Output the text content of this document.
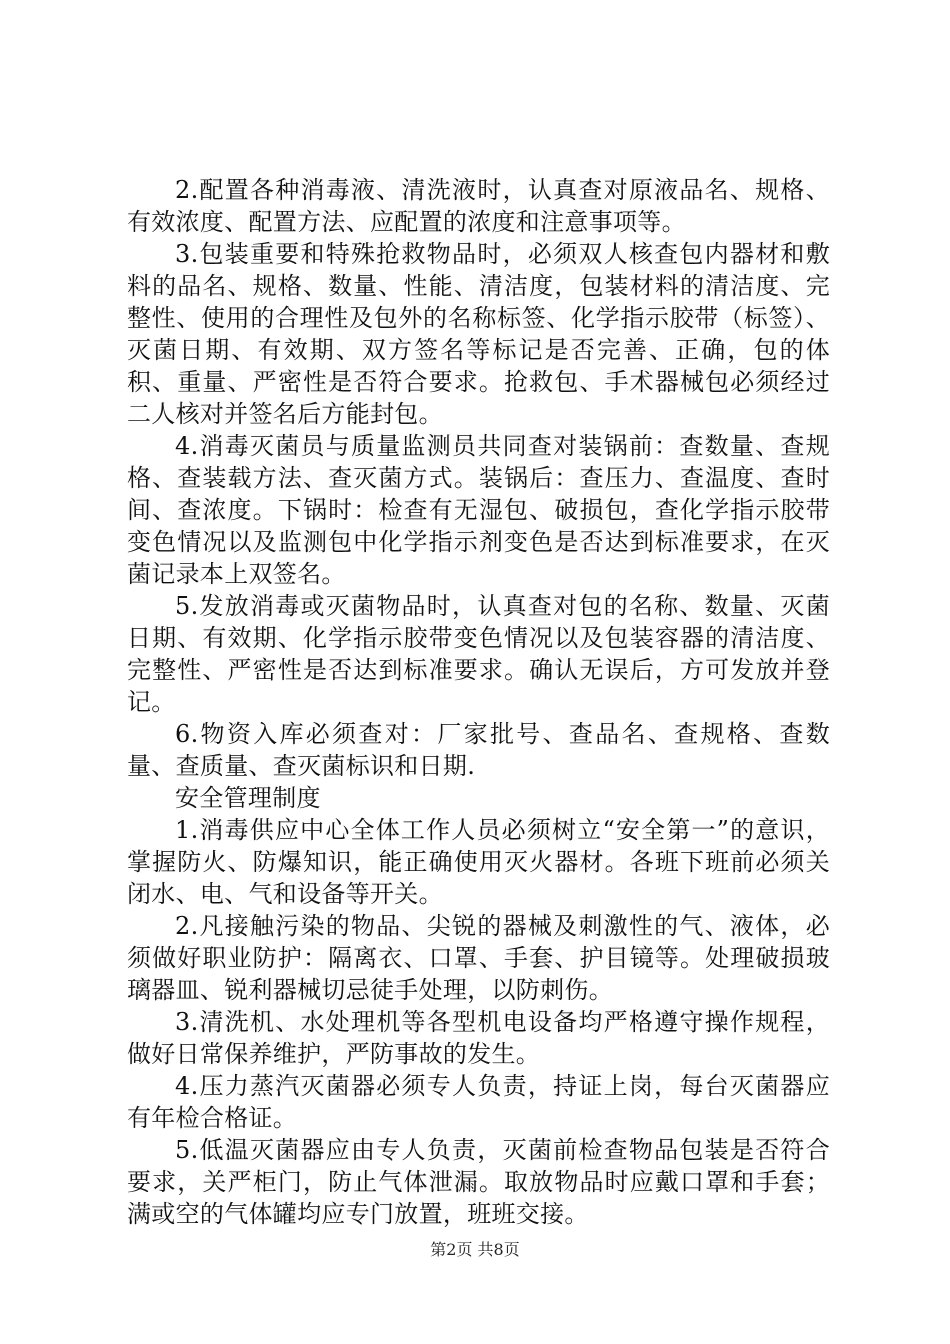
2.配置各种消毒液、清洗液时，认真查对原液品名、规格、有效浓度、配置方法、应配置的浓度和注意事项等。

3.包装重要和特殊抢救物品时，必须双人核查包内器材和敷料的品名、规格、数量、性能、清洁度，包装材料的清洁度、完整性、使用的合理性及包外的名称标签、化学指示胶带（标签）、灭菌日期、有效期、双方签名等标记是否完善、正确，包的体积、重量、严密性是否符合要求。抢救包、手术器械包必须经过二人核对并签名后方能封包。

4.消毒灭菌员与质量监测员共同查对装锅前：查数量、查规格、查装载方法、查灭菌方式。装锅后：查压力、查温度、查时间、查浓度。下锅时：检查有无湿包、破损包，查化学指示胶带变色情况以及监测包中化学指示剂变色是否达到标准要求，在灭菌记录本上双签名。

5.发放消毒或灭菌物品时，认真查对包的名称、数量、灭菌日期、有效期、化学指示胶带变色情况以及包装容器的清洁度、完整性、严密性是否达到标准要求。确认无误后，方可发放并登记。

6.物资入库必须查对：厂家批号、查品名、查规格、查数量、查质量、查灭菌标识和日期.

安全管理制度

1.消毒供应中心全体工作人员必须树立“安全第一”的意识，掌握防火、防爆知识，能正确使用灭火器材。各班下班前必须关闭水、电、气和设备等开关。

2.凡接触污染的物品、尖锐的器械及刺激性的气、液体，必须做好职业防护：隔离衣、口罩、手套、护目镜等。处理破损玻璃器皿、锐利器械切忌徒手处理，以防刺伤。

3.清洗机、水处理机等各型机电设备均严格遵守操作规程，做好日常保养维护，严防事故的发生。

4.压力蒸汽灭菌器必须专人负责，持证上岗，每台灭菌器应有年检合格证。

5.低温灭菌器应由专人负责，灭菌前检查物品包装是否符合要求，关严柜门，防止气体泄漏。取放物品时应戴口罩和手套；满或空的气体罐均应专门放置，班班交接。

第2页 共8页
